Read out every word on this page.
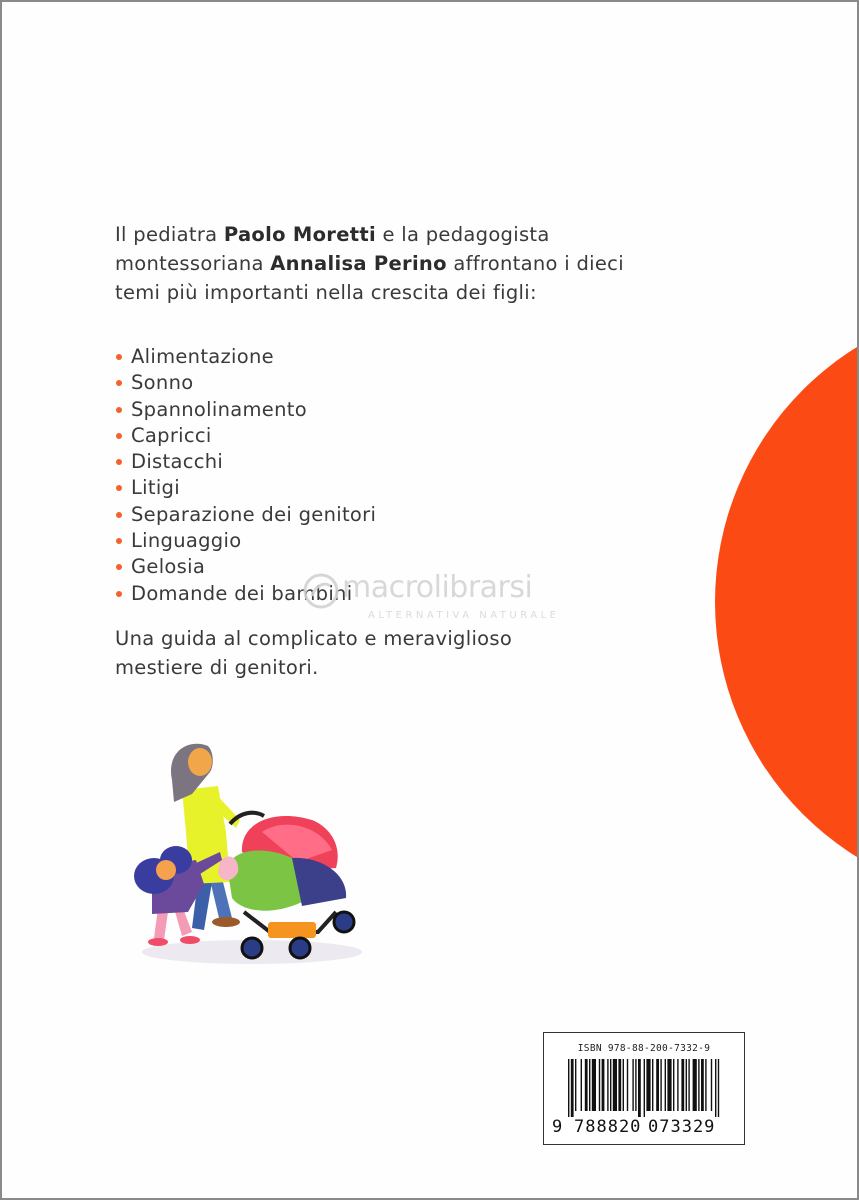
Il pediatra Paolo Moretti e la pedagogista montessoriana Annalisa Perino affrontano i dieci temi più importanti nella crescita dei figli:

Alimentazione
Sonno
Spannolinamento
Capricci
Distacchi
Litigi
Separazione dei genitori
Linguaggio
Gelosia
Domande dei bambini

Una guida al complicato e meraviglioso mestiere di genitori.

macrolibrarsi
ALTERNATIVA NATURALE
ISBN 978-88-200-7332-9
9 788820 073329
